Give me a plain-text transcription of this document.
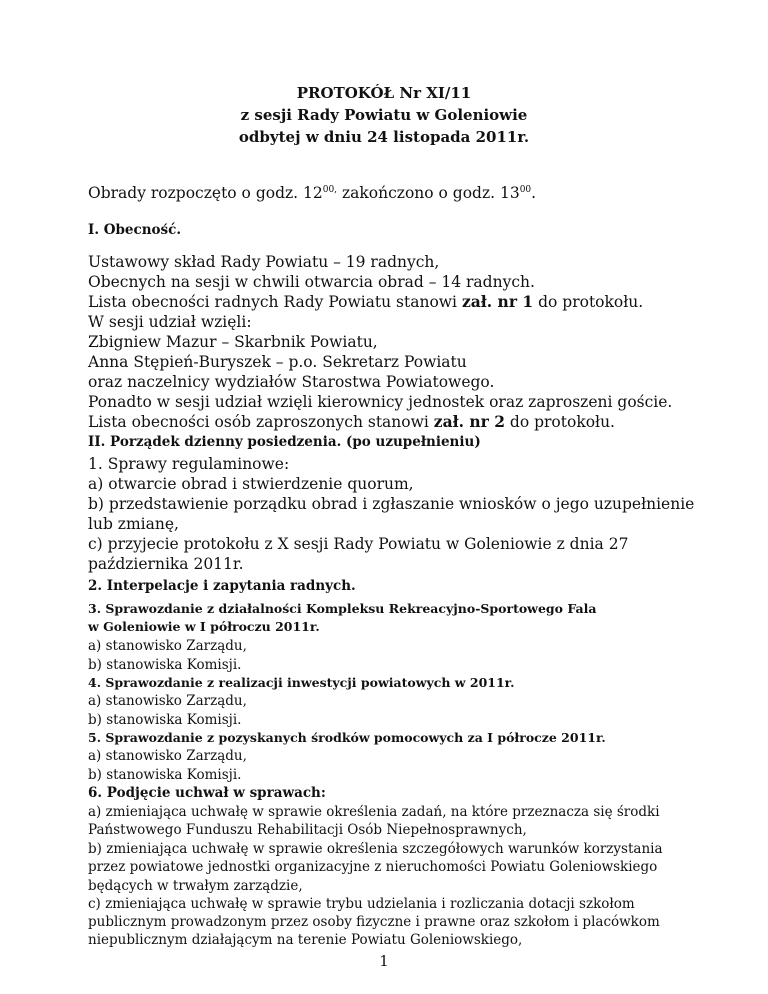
PROTOKÓŁ Nr XI/11
z sesji Rady Powiatu w Goleniowie
odbytej w dniu 24 listopada 2011r.
Obrady rozpoczęto o godz. $12^{00,}$ zakończono o godz. $13^{00}$.
I. Obecność.
Ustawowy skład Rady Powiatu – 19 radnych,
Obecnych na sesji w chwili otwarcia obrad – 14 radnych.
Lista obecności radnych Rady Powiatu stanowi zał. nr 1 do protokołu.
W sesji udział wzięli:
Zbigniew Mazur – Skarbnik Powiatu,
Anna Stępień-Buryszek – p.o. Sekretarz Powiatu
oraz naczelnicy wydziałów Starostwa Powiatowego.
Ponadto w sesji udział wzięli kierownicy jednostek oraz zaproszeni goście.
Lista obecności osób zaproszonych stanowi zał. nr 2 do protokołu.
II. Porządek dzienny posiedzenia. (po uzupełnieniu)
1. Sprawy regulaminowe:
a) otwarcie obrad i stwierdzenie quorum,
b) przedstawienie porządku obrad i zgłaszanie wniosków o jego uzupełnienie
lub zmianę,
c) przyjecie protokołu z X sesji Rady Powiatu w Goleniowie z dnia 27
października 2011r.
2. Interpelacje i zapytania radnych.
3. Sprawozdanie z działalności Kompleksu Rekreacyjno-Sportowego Fala
w Goleniowie w I półroczu 2011r.
a) stanowisko Zarządu,
b) stanowiska Komisji.
4. Sprawozdanie z realizacji inwestycji powiatowych w 2011r.
a) stanowisko Zarządu,
b) stanowiska Komisji.
5. Sprawozdanie z pozyskanych środków pomocowych za I półrocze 2011r.
a) stanowisko Zarządu,
b) stanowiska Komisji.
6. Podjęcie uchwał w sprawach:
a) zmieniająca uchwałę w sprawie określenia zadań, na które przeznacza się środki
Państwowego Funduszu Rehabilitacji Osób Niepełnosprawnych,
b) zmieniająca uchwałę w sprawie określenia szczegółowych warunków korzystania
przez powiatowe jednostki organizacyjne z nieruchomości Powiatu Goleniowskiego
będących w trwałym zarządzie,
c) zmieniająca uchwałę w sprawie trybu udzielania i rozliczania dotacji szkołom
publicznym prowadzonym przez osoby fizyczne i prawne oraz szkołom i placówkom
niepublicznym działającym na terenie Powiatu Goleniowskiego,
1
